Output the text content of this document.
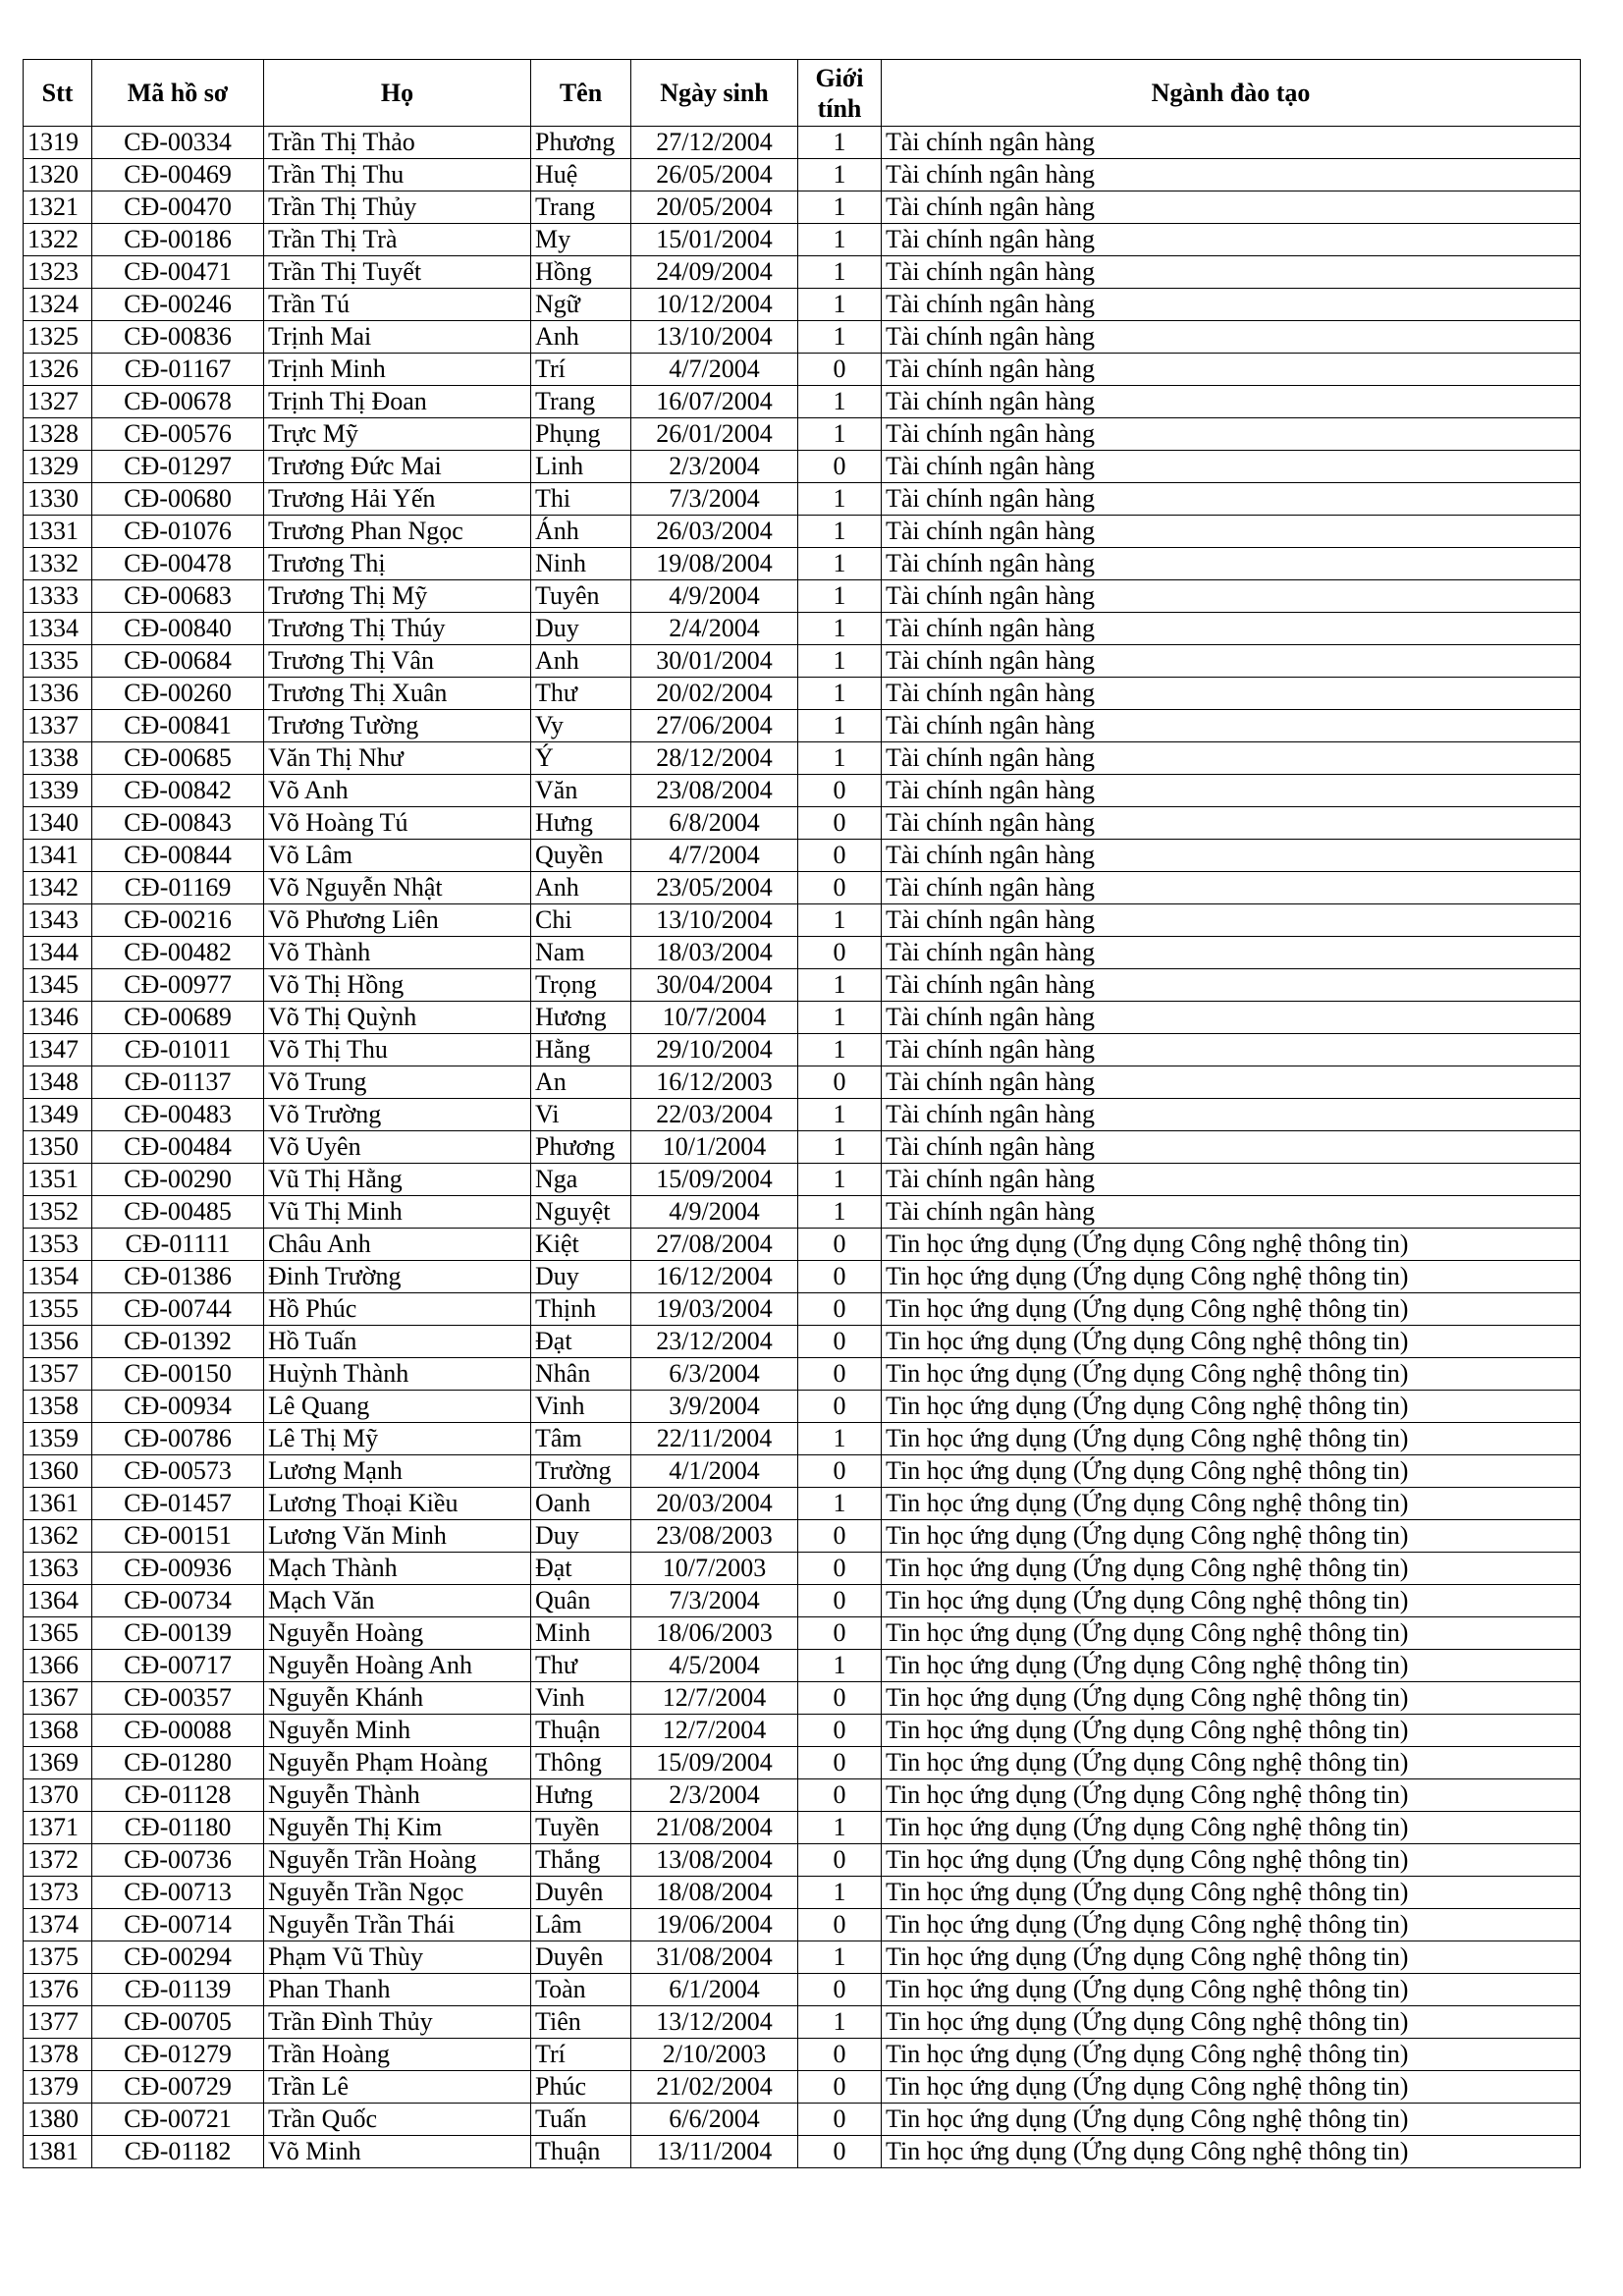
Stt	Mã hồ sơ	Họ	Tên	Ngày sinh	Giới tính	Ngành đào tạo
1319	CĐ-00334	Trần Thị Thảo	Phương	27/12/2004	1	Tài chính ngân hàng
1320	CĐ-00469	Trần Thị Thu	Huệ	26/05/2004	1	Tài chính ngân hàng
1321	CĐ-00470	Trần Thị Thủy	Trang	20/05/2004	1	Tài chính ngân hàng
1322	CĐ-00186	Trần Thị Trà	My	15/01/2004	1	Tài chính ngân hàng
1323	CĐ-00471	Trần Thị Tuyết	Hồng	24/09/2004	1	Tài chính ngân hàng
1324	CĐ-00246	Trần Tú	Ngữ	10/12/2004	1	Tài chính ngân hàng
1325	CĐ-00836	Trịnh Mai	Anh	13/10/2004	1	Tài chính ngân hàng
1326	CĐ-01167	Trịnh Minh	Trí	4/7/2004	0	Tài chính ngân hàng
1327	CĐ-00678	Trịnh Thị Đoan	Trang	16/07/2004	1	Tài chính ngân hàng
1328	CĐ-00576	Trực Mỹ	Phụng	26/01/2004	1	Tài chính ngân hàng
1329	CĐ-01297	Trương Đức Mai	Linh	2/3/2004	0	Tài chính ngân hàng
1330	CĐ-00680	Trương Hải Yến	Thi	7/3/2004	1	Tài chính ngân hàng
1331	CĐ-01076	Trương Phan Ngọc	Ánh	26/03/2004	1	Tài chính ngân hàng
1332	CĐ-00478	Trương Thị	Ninh	19/08/2004	1	Tài chính ngân hàng
1333	CĐ-00683	Trương Thị Mỹ	Tuyên	4/9/2004	1	Tài chính ngân hàng
1334	CĐ-00840	Trương Thị Thúy	Duy	2/4/2004	1	Tài chính ngân hàng
1335	CĐ-00684	Trương Thị Vân	Anh	30/01/2004	1	Tài chính ngân hàng
1336	CĐ-00260	Trương Thị Xuân	Thư	20/02/2004	1	Tài chính ngân hàng
1337	CĐ-00841	Trương Tường	Vy	27/06/2004	1	Tài chính ngân hàng
1338	CĐ-00685	Văn Thị Như	Ý	28/12/2004	1	Tài chính ngân hàng
1339	CĐ-00842	Võ Anh	Văn	23/08/2004	0	Tài chính ngân hàng
1340	CĐ-00843	Võ Hoàng Tú	Hưng	6/8/2004	0	Tài chính ngân hàng
1341	CĐ-00844	Võ Lâm	Quyền	4/7/2004	0	Tài chính ngân hàng
1342	CĐ-01169	Võ Nguyễn Nhật	Anh	23/05/2004	0	Tài chính ngân hàng
1343	CĐ-00216	Võ Phương Liên	Chi	13/10/2004	1	Tài chính ngân hàng
1344	CĐ-00482	Võ Thành	Nam	18/03/2004	0	Tài chính ngân hàng
1345	CĐ-00977	Võ Thị Hồng	Trọng	30/04/2004	1	Tài chính ngân hàng
1346	CĐ-00689	Võ Thị Quỳnh	Hương	10/7/2004	1	Tài chính ngân hàng
1347	CĐ-01011	Võ Thị Thu	Hằng	29/10/2004	1	Tài chính ngân hàng
1348	CĐ-01137	Võ Trung	An	16/12/2003	0	Tài chính ngân hàng
1349	CĐ-00483	Võ Trường	Vi	22/03/2004	1	Tài chính ngân hàng
1350	CĐ-00484	Võ Uyên	Phương	10/1/2004	1	Tài chính ngân hàng
1351	CĐ-00290	Vũ Thị Hằng	Nga	15/09/2004	1	Tài chính ngân hàng
1352	CĐ-00485	Vũ Thị Minh	Nguyệt	4/9/2004	1	Tài chính ngân hàng
1353	CĐ-01111	Châu Anh	Kiệt	27/08/2004	0	Tin học ứng dụng (Ứng dụng Công nghệ thông tin)
1354	CĐ-01386	Đinh Trường	Duy	16/12/2004	0	Tin học ứng dụng (Ứng dụng Công nghệ thông tin)
1355	CĐ-00744	Hồ Phúc	Thịnh	19/03/2004	0	Tin học ứng dụng (Ứng dụng Công nghệ thông tin)
1356	CĐ-01392	Hồ Tuấn	Đạt	23/12/2004	0	Tin học ứng dụng (Ứng dụng Công nghệ thông tin)
1357	CĐ-00150	Huỳnh Thành	Nhân	6/3/2004	0	Tin học ứng dụng (Ứng dụng Công nghệ thông tin)
1358	CĐ-00934	Lê Quang	Vinh	3/9/2004	0	Tin học ứng dụng (Ứng dụng Công nghệ thông tin)
1359	CĐ-00786	Lê Thị Mỹ	Tâm	22/11/2004	1	Tin học ứng dụng (Ứng dụng Công nghệ thông tin)
1360	CĐ-00573	Lương Mạnh	Trường	4/1/2004	0	Tin học ứng dụng (Ứng dụng Công nghệ thông tin)
1361	CĐ-01457	Lương Thoại Kiều	Oanh	20/03/2004	1	Tin học ứng dụng (Ứng dụng Công nghệ thông tin)
1362	CĐ-00151	Lương Văn Minh	Duy	23/08/2003	0	Tin học ứng dụng (Ứng dụng Công nghệ thông tin)
1363	CĐ-00936	Mạch Thành	Đạt	10/7/2003	0	Tin học ứng dụng (Ứng dụng Công nghệ thông tin)
1364	CĐ-00734	Mạch Văn	Quân	7/3/2004	0	Tin học ứng dụng (Ứng dụng Công nghệ thông tin)
1365	CĐ-00139	Nguyễn Hoàng	Minh	18/06/2003	0	Tin học ứng dụng (Ứng dụng Công nghệ thông tin)
1366	CĐ-00717	Nguyễn Hoàng Anh	Thư	4/5/2004	1	Tin học ứng dụng (Ứng dụng Công nghệ thông tin)
1367	CĐ-00357	Nguyễn Khánh	Vinh	12/7/2004	0	Tin học ứng dụng (Ứng dụng Công nghệ thông tin)
1368	CĐ-00088	Nguyễn Minh	Thuận	12/7/2004	0	Tin học ứng dụng (Ứng dụng Công nghệ thông tin)
1369	CĐ-01280	Nguyễn Phạm Hoàng	Thông	15/09/2004	0	Tin học ứng dụng (Ứng dụng Công nghệ thông tin)
1370	CĐ-01128	Nguyễn Thành	Hưng	2/3/2004	0	Tin học ứng dụng (Ứng dụng Công nghệ thông tin)
1371	CĐ-01180	Nguyễn Thị Kim	Tuyền	21/08/2004	1	Tin học ứng dụng (Ứng dụng Công nghệ thông tin)
1372	CĐ-00736	Nguyễn Trần Hoàng	Thắng	13/08/2004	0	Tin học ứng dụng (Ứng dụng Công nghệ thông tin)
1373	CĐ-00713	Nguyễn Trần Ngọc	Duyên	18/08/2004	1	Tin học ứng dụng (Ứng dụng Công nghệ thông tin)
1374	CĐ-00714	Nguyễn Trần Thái	Lâm	19/06/2004	0	Tin học ứng dụng (Ứng dụng Công nghệ thông tin)
1375	CĐ-00294	Phạm Vũ Thùy	Duyên	31/08/2004	1	Tin học ứng dụng (Ứng dụng Công nghệ thông tin)
1376	CĐ-01139	Phan Thanh	Toàn	6/1/2004	0	Tin học ứng dụng (Ứng dụng Công nghệ thông tin)
1377	CĐ-00705	Trần Đình Thủy	Tiên	13/12/2004	1	Tin học ứng dụng (Ứng dụng Công nghệ thông tin)
1378	CĐ-01279	Trần Hoàng	Trí	2/10/2003	0	Tin học ứng dụng (Ứng dụng Công nghệ thông tin)
1379	CĐ-00729	Trần Lê	Phúc	21/02/2004	0	Tin học ứng dụng (Ứng dụng Công nghệ thông tin)
1380	CĐ-00721	Trần Quốc	Tuấn	6/6/2004	0	Tin học ứng dụng (Ứng dụng Công nghệ thông tin)
1381	CĐ-01182	Võ Minh	Thuận	13/11/2004	0	Tin học ứng dụng (Ứng dụng Công nghệ thông tin)
